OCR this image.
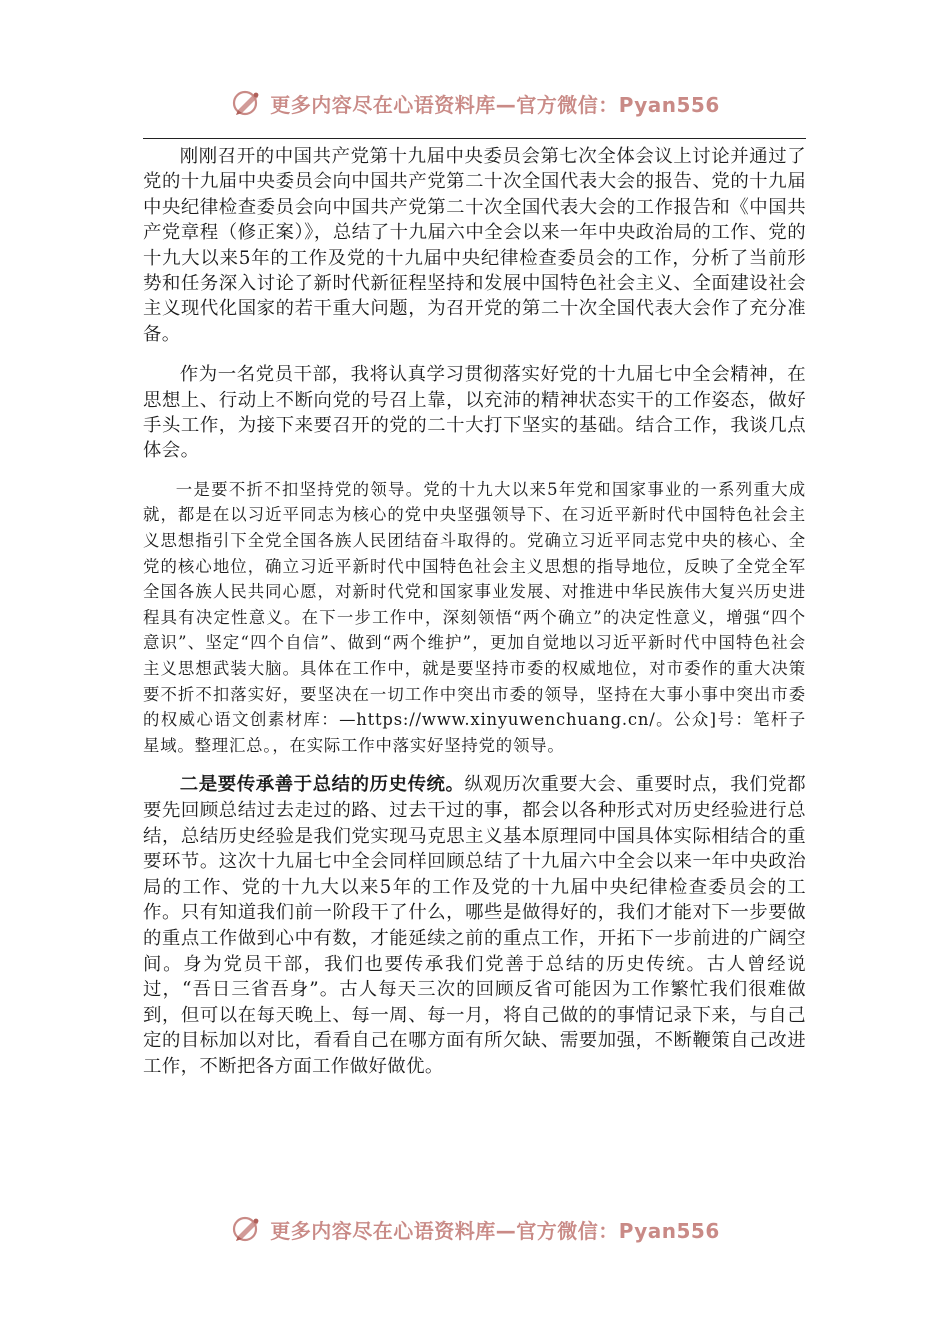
更多内容尽在心语资料库—官方微信：Pyan556

刚刚召开的中国共产党第十九届中央委员会第七次全体会议上讨论并通过了党的十九届中央委员会向中国共产党第二十次全国代表大会的报告、党的十九届中央纪律检查委员会向中国共产党第二十次全国代表大会的工作报告和《中国共产党章程（修正案）》，总结了十九届六中全会以来一年中央政治局的工作、党的十九大以来5年的工作及党的十九届中央纪律检查委员会的工作，分析了当前形势和任务深入讨论了新时代新征程坚持和发展中国特色社会主义、全面建设社会主义现代化国家的若干重大问题，为召开党的第二十次全国代表大会作了充分准备。

作为一名党员干部，我将认真学习贯彻落实好党的十九届七中全会精神，在思想上、行动上不断向党的号召上靠，以充沛的精神状态实干的工作姿态，做好手头工作，为接下来要召开的党的二十大打下坚实的基础。结合工作，我谈几点体会。

一是要不折不扣坚持党的领导。党的十九大以来5年党和国家事业的一系列重大成就，都是在以习近平同志为核心的党中央坚强领导下、在习近平新时代中国特色社会主义思想指引下全党全国各族人民团结奋斗取得的。党确立习近平同志党中央的核心、全党的核心地位，确立习近平新时代中国特色社会主义思想的指导地位，反映了全党全军全国各族人民共同心愿，对新时代党和国家事业发展、对推进中华民族伟大复兴历史进程具有决定性意义。在下一步工作中，深刻领悟“两个确立”的决定性意义，增强“四个意识”、坚定“四个自信”、做到“两个维护”，更加自觉地以习近平新时代中国特色社会主义思想武装大脑。具体在工作中，就是要坚持市委的权威地位，对市委作的重大决策要不折不扣落实好，要坚决在一切工作中突出市委的领导，坚持在大事小事中突出市委的权威心语文创素材库：—https://www.xinyuwenchuang.cn/。公众]号：笔杆子星域。整理汇总。，在实际工作中落实好坚持党的领导。

二是要传承善于总结的历史传统。纵观历次重要大会、重要时点，我们党都要先回顾总结过去走过的路、过去干过的事，都会以各种形式对历史经验进行总结，总结历史经验是我们党实现马克思主义基本原理同中国具体实际相结合的重要环节。这次十九届七中全会同样回顾总结了十九届六中全会以来一年中央政治局的工作、党的十九大以来5年的工作及党的十九届中央纪律检查委员会的工作。只有知道我们前一阶段干了什么，哪些是做得好的，我们才能对下一步要做的重点工作做到心中有数，才能延续之前的重点工作，开拓下一步前进的广阔空间。身为党员干部，我们也要传承我们党善于总结的历史传统。古人曾经说过，“吾日三省吾身”。古人每天三次的回顾反省可能因为工作繁忙我们很难做到，但可以在每天晚上、每一周、每一月，将自己做的的事情记录下来，与自己定的目标加以对比，看看自己在哪方面有所欠缺、需要加强，不断鞭策自己改进工作，不断把各方面工作做好做优。

更多内容尽在心语资料库—官方微信：Pyan556
